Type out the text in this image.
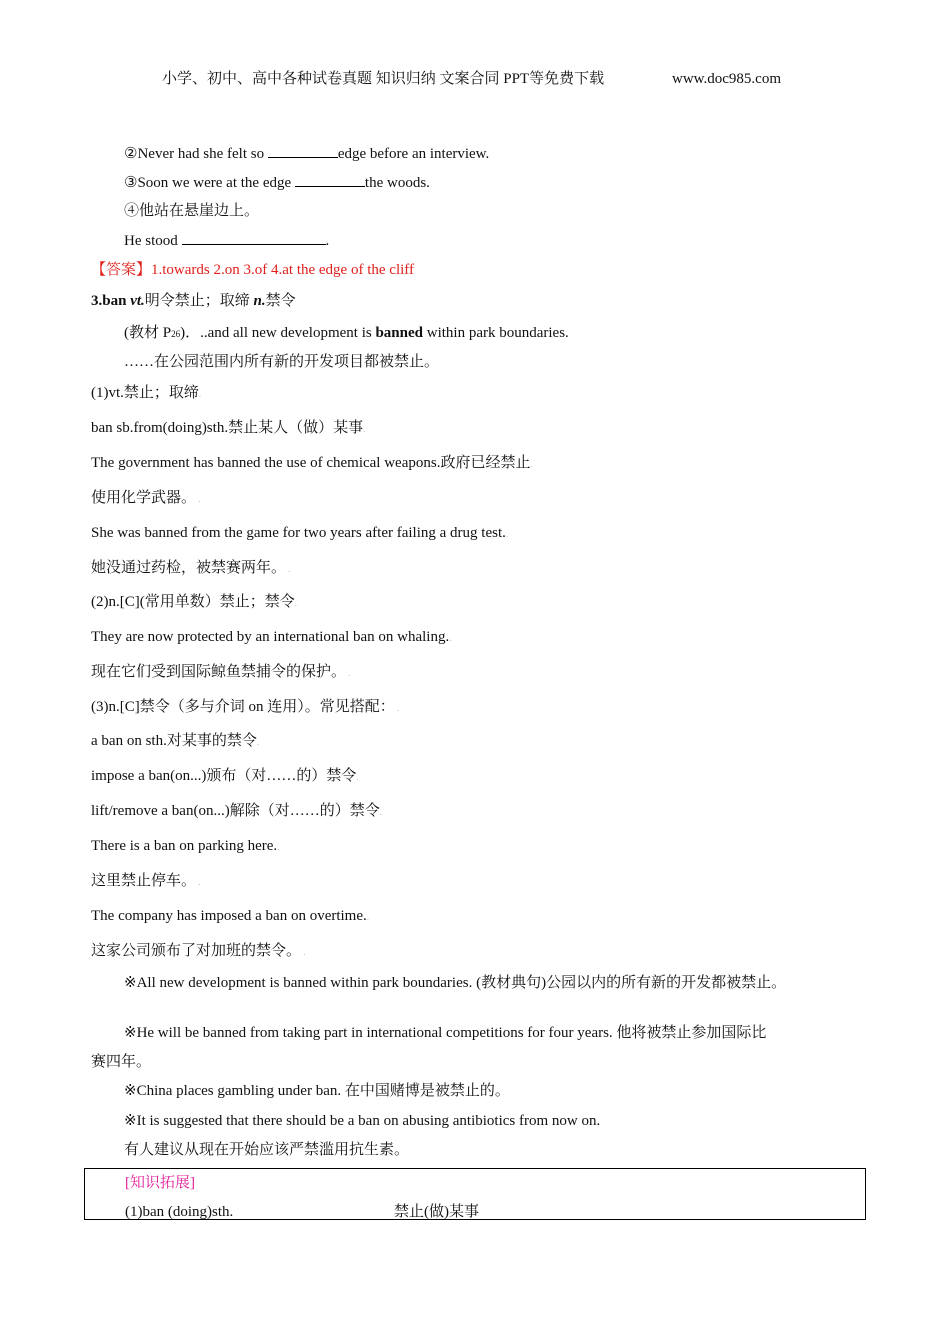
小学、初中、高中各种试卷真题 知识归纳 文案合同 PPT等免费下载	www.doc985.com
②Never had she felt so	edge before an interview.
③Soon we were at the edge	the woods.
④他站在悬崖边上。
He stood	.
【答案】1.towards 2.on 3.of 4.at the edge of the cliff
3.ban vt.明令禁止；取缔 n.禁令
(教材 P26)．..and all new development is banned within park boundaries.
……在公园范围内所有新的开发项目都被禁止。
(1)vt.禁止；取缔.
ban sb.from(doing)sth.禁止某人（做）某事.
The government has banned the use of chemical weapons.政府已经禁止.
使用化学武器。 .
She was banned from the game for two years after failing a drug test..
她没通过药检，被禁赛两年。 .
(2)n.[C](常用单数）禁止；禁令.
They are now protected by an international ban on whaling..
现在它们受到国际鲸鱼禁捕令的保护。 .
(3)n.[C]禁令（多与介词 on 连用）。常见搭配： .
a ban on sth.对某事的禁令.
impose a ban(on...)颁布（对……的）禁令.
lift/remove a ban(on...)解除（对……的）禁令.
There is a ban on parking here..
这里禁止停车。 .
The company has imposed a ban on overtime..
这家公司颁布了对加班的禁令。 .
※All new development is banned within park boundaries. (教材典句)公园以内的所有新的开发都被禁止。
※He will be banned from taking part in international competitions for four years. 他将被禁止参加国际比
赛四年。
※China places gambling under ban. 在中国赌博是被禁止的。
※It is suggested that there should be a ban on abusing antibiotics from now on.
有人建议从现在开始应该严禁滥用抗生素。
[知识拓展]
(1)ban (doing)sth.	禁止(做)某事
